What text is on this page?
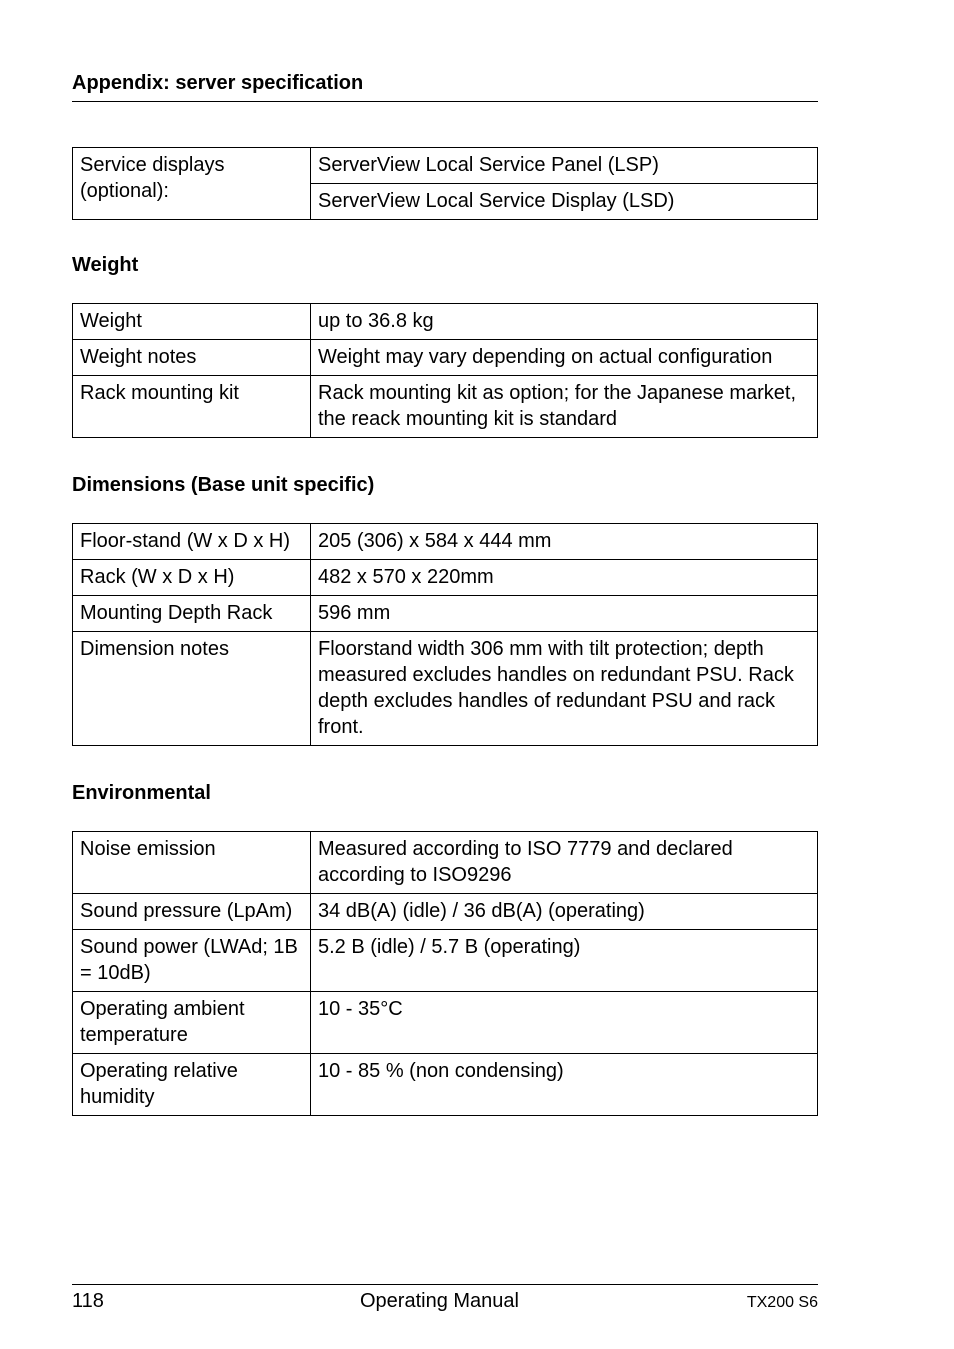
Appendix: server specification
Service displays (optional):	ServerView Local Service Panel (LSP)
ServerView Local Service Display (LSD)
Weight
Weight	up to 36.8 kg
Weight notes	Weight may vary depending on actual configuration
Rack mounting kit	Rack mounting kit as option; for the Japanese market, the reack mounting kit is standard
Dimensions (Base unit specific)
Floor-stand (W x D x H)	205 (306) x 584 x 444 mm
Rack (W x D x H)	482 x 570 x 220mm
Mounting Depth Rack	596 mm
Dimension notes	Floorstand width 306 mm with tilt protection; depth measured excludes handles on redundant PSU. Rack depth excludes handles of redundant PSU and rack front.
Environmental
Noise emission	Measured according to ISO 7779 and declared according to ISO9296
Sound pressure (LpAm)	34 dB(A) (idle) / 36 dB(A) (operating)
Sound power (LWAd; 1B = 10dB)	5.2 B (idle) / 5.7 B (operating)
Operating ambient temperature	10 - 35°C
Operating relative humidity	10 - 85 % (non condensing)
118	Operating Manual	TX200 S6
